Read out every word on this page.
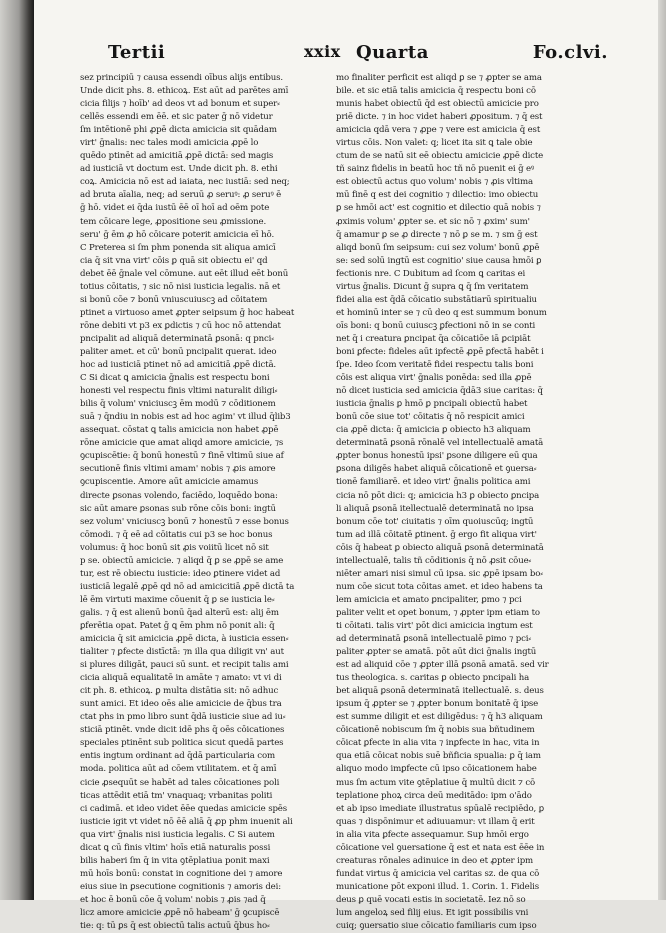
Tertii	xxix Quarta	Fo.clvi.
sez principiū ⁊ causa essendi oībus alijs entibus.
Unde dicit phs. 8. ethicoꝝ. Est aūt ad parētes amī
cicia filijs ⁊ hoīb' ad deos vt ad bonum et super⸗
cellēs essendi em ēē. et sic pater ḡ nō videtur
ſm intētionē phi ꝓpē dicta amicicia sit quādam
virt' ḡnalis: nec tales modi amicicia ꝓpē lo
quēdo ptinēt ad amicitiā ꝓpē dictā: sed magis
ad iusticiā vt doctum est. Unde dicit ph. 8. ethi
coꝝ. Amicicia nō est ad iaiata, nec iustiā: sed neq;
ad bruta aīalia, neq; ad seruū ꝓ seruꝰ: ꝓ seruꝰ ē
ḡ hō. videt ei q̄da iustū ēē oī hoī ad oēm pote
tem cōicare lege, ꝓpositione seu ꝓmissione.
seru' ḡ ēm ꝓ hō cōicare poterit amicicia eī hō.
C Preterea si ſm phm ponenda sit aliqua amicī
cia q̄ sit vna virt' cōis ꝑ quā sit obiectu ei' qd
debet ēē ḡnale vel cōmune. aut eēt illud eēt bonū
totius cōitatis, ⁊ sic nō nisi iusticia legalis. nā et
si bonū cōe ⁊ bonū vniuscuiuscꝫ ad cōitatem
ptinet a virtuoso amet ꝓpter seipsum ḡ hoc habeat
rōne debiti vt p3 ex ꝑdictis ⁊ cū hoc nō attendat
pncipalit ad aliquā determinatā ꝑsonā: q pnci⸗
paliter amet. et cū' bonū pncipalit querat. ideo
hoc ad iusticiā ptinet nō ad amicitiā ꝓpē dictā.
C Si dicat ꝗ amicicia ḡnalis est respectu boni
honesti vel respectu finis vltimi naturalit diligi⸗
bilis q̄ volum' vniciuscꝫ ēm modū ⁊ cōditionem
suā ⁊ q̄ndiu in nobis est ad hoc agim' vt illud q̄lib3
assequat. cōstat ꝗ talis amicicia non habet ꝓpē
rōne amicicie que amat aliqd amore amicicie, ⁊s
ꝯcupiscētie: q̄ bonū honestū ⁊ finē vltimū siue af
secutionē finis vltimi amam' nobis ⁊ ꝓis amore
ꝯcupiscentie. Amore aūt amicicie amamus
directe ꝑsonas volendo, faciēdo, loquēdo bona:
sic aūt amare ꝑsonas sub rōne cōis boni: ingtū
sez volum' vniciuscꝫ bonū ⁊ honestū ⁊ esse bonus
cōmodi. ⁊ q̄ eē ad cōitatis cui p3 se hoc bonus
volumus: q̄ hoc bonū sit ꝓis voiitū licet nō sit
p se. obiectū amicicie. ⁊ aliqd q̄ ꝑ se ꝓpē se ame
tur, est rē obiectu iusticie: ideo ꝑtinere videt ad
iusticiā legalē ꝓpē qd nō ad amicicitiā ꝓpē dictā ta
lē ēm virtuti maxime cōuenit q̄ ꝑ se iusticia le⸗
galis. ⁊ q̄ est alienū bonū q̄ad alterū est: alij ēm
ꝑferētia opat. Patet ḡ ꝗ ēm phm nō ponit ali: q̄
amicicia q̄ sit amicicia ꝓpē dicta, à iusticia essen⸗
tialiter ⁊ ꝑfecte distīctā: ⁊n illa qua diligit vn' aut
si plures diligāt, pauci sū sunt. et recipit talis ami
cicia aliquā equalitatē in amāte ⁊ amato: vt vi di
cit ph. 8. ethicoꝝ. ꝑ multa distātia sit: nō adhuc
sunt amici. Et ideo oēs alie amicicie de q̄bus tra
ctat phs in pmo libro sunt q̄dā iusticie siue ad iu⸗
sticiā ptinēt. vnde dicit idē phs q̄ oēs cōicationes
speciales ptinēnt sub politica sicut quedā partes
entis ingtum ordinant ad q̄dā particularia com
moda. politica aūt ad cōem vtilitatem. et q̄ amī
cicie ꝓsequūt se habēt ad tales cōicationes poli
ticas attēdit etiā tm' vnaquaq; vrbanitas politi
ci cadimā. et ideo videt ēēe quedas amicicie spēs
iusticie igit vt videt nō ēē aliā q̄ ꝓp phm inuenit ali
qua virt' ḡnalis nisi iusticia legalis. C Si autem
dicat ꝗ cū finis vltim' hoīs etiā naturalis possi
bilis haberi ſm q̄ in vita ꝯtēplatiua ponit maxi
mū hoīs bonū: constat in cognitione dei ⁊ amore
eius siue in ꝑsecutione cognitionis ⁊ amoris dei:
et hoc ē bonū cōe q̄ volum' nobis ⁊ ꝓis ⁊ad q̄
licz amore amicicie ꝓpē nō habeam' ḡ ꝯcupiscē
tie: q: tū ꝑs q̄ est obiectū talis actuū q̄bus ho⸗
mo finaliter perficit est aliqd ꝑ se ⁊ ꝓpter se ama
bile. et sic etiā talis amicicia q̄ respectu boni cō
munis habet obiectū q̄d est obiectū amicicie pro
priē dicte. ⁊ in hoc videt haberi ꝓpositum. ⁊ q̄ est
amicicia qdā vera ⁊ ꝓpe ⁊ vere est amicicia q̄ est
virtus cōis. Non valet: q; licet ita sit ꝗ tale obie
ctum de se natū sit eē obiectu amicicie ꝓpē dicte
tñ sainz fidelis in beatū hoc tñ nō puenit ei ḡ eꝰ
est obiectū actus quo volum' nobis ⁊ ꝓis vltima
mū finē q est dei cognitio ⁊ dilectio: imo obiectu
ꝑ se hmōi act' est cognitio et dilectio quā nobis ⁊
ꝓximis volum' ꝓpter se. et sic nō ⁊ ꝓxim' sum'
q̄ amamur ꝑ se ꝓ directe ⁊ nō ꝑ se m. ⁊ sm ḡ est
aliqd bonū ſm seipsum: cui sez volum' bonū ꝓpē
se: sed solū ingtū est cognitio' siue causa hmōi ꝑ
fectionis nre. C Dubitum ad ſcom ꝗ caritas ei
virtus ḡnalis. Dicunt ḡ supra ꝗ q̄ ſm veritatem
fidei alia est q̄dā cōicatio substātiarū spiritualiu
et hominū inter se ⁊ cū deo q est summum bonum
oīs boni: q bonū cuiuscꝫ ꝑfectioni nō in se conti
net q̄ i creatura ꝑncipat q̄a cōicatiōe iā ꝑcipiāt
boni ꝑfecte: fideles aūt ipfectē ꝓpē ꝑfectā habēt i
ſpe. Ideo ſcom veritatē fidei respectu talis boni
cōis est aliqua virt' ḡnalis ponēda: sed illa ꝓpē
nō dicet iusticia sed amicicia q̄dā3 siue caritas: q̄
iusticia ḡnalis ꝑ hmō ꝑ pncipali obiectū habet
bonū cōe siue tot' cōitatis q̄ nō respicit amici
cia ꝓpē dicta: q̄ amicicia ꝑ obiecto h3 aliquam
determinatā ꝑsonā rōnalē vel intellectualē amatā
ꝓpter bonus honestū ipsi' ꝑsone diligere eū qua
ꝑsona diligēs habet aliquā cōicationē et ꝯuersa⸗
tionē familiarē. et ideo virt' ḡnalis politica ami
cicia nō pōt dici: q; amicicia h3 ꝑ obiecto ꝑncipa
li aliquā ꝑsonā itellectualē determinatā no ipsa
bonum cōe tot' ciuitatis ⁊ oīm quoiuscūq; ingtū
tum ad illā cōitatē ꝑtinent. ḡ ergo fit aliqua virt'
cōis q̄ habeat ꝑ obiecto aliquā ꝑsonā determinatā
intellectualē, talis tñ cōditionis q̄ nō ꝓsit cōue⸗
niēter amari nisi simul cū ipsa. sic ꝓpē ipsam bo⸗
num cōe sicut tota cōitas amet. et ideo habens ta
lem amicicia et amato ꝑncipaliter, ꝑmo ⁊ pci
paliter velit et opet bonum, ⁊ ꝓpter ipm etiam to
ti cōitati. talis virt' pōt dici amicicia ingtum est
ad determinatā ꝑsonā intellectualē ꝑimo ⁊ pci⸗
paliter ꝓpter se amatā. pōt aūt dici ḡnalis ingtū
est ad aliquid cōe ⁊ ꝓpter illā ꝑsonā amatā. sed vir
tus theologica. s. caritas ꝑ obiecto pncipali ha
bet aliquā ꝑsonā determinatā itellectualē. s. deus
ipsum q̄ ꝓpter se ⁊ ꝓpter bonum bonitatē q̄ ipse
est summe diligit et est diligēdus: ⁊ q̄ h3 aliquam
cōicationē nobiscum ſm q̄ nobis sua bñtudinem
cōicat ꝑfecte in alia vita ⁊ inꝑfecte in hac, vita in
qua etiā cōicat nobis suē bñficia spualia: ꝑ q̄ iam
aliquo modo imꝑfecte cū ipso cōicationem habe
mus ſm actum vite ꝯtēplatiue q̄ multū dicit ⁊ cō
teplatione phoꝝ circa deū meditādo: ipm o'ādo
et ab ipso imediate illustratus spūalē recipiēdo, ꝑ
quas ⁊ dispōnimur et adiuuamur: vt illam q̄ erit
in alia vita ꝑfecte assequamur. Sup hmōi ergo
cōicatione vel ꝯuersatione q̄ est et nata est ēēe in
creaturas rōnales adinuice in deo et ꝓpter ipm
fundat virtus q̄ amicicia vel caritas sz. de qua cō
municatione pōt exponi illud. 1. Corin. 1. Fidelis
deus ꝑ quē vocati estis in societatē. Iez nō so
lum angeloꝝ sed filij eius. Et igit possibilis vni
cuiq; ꝯuersatio siue cōicatio familiaris cum ipso
